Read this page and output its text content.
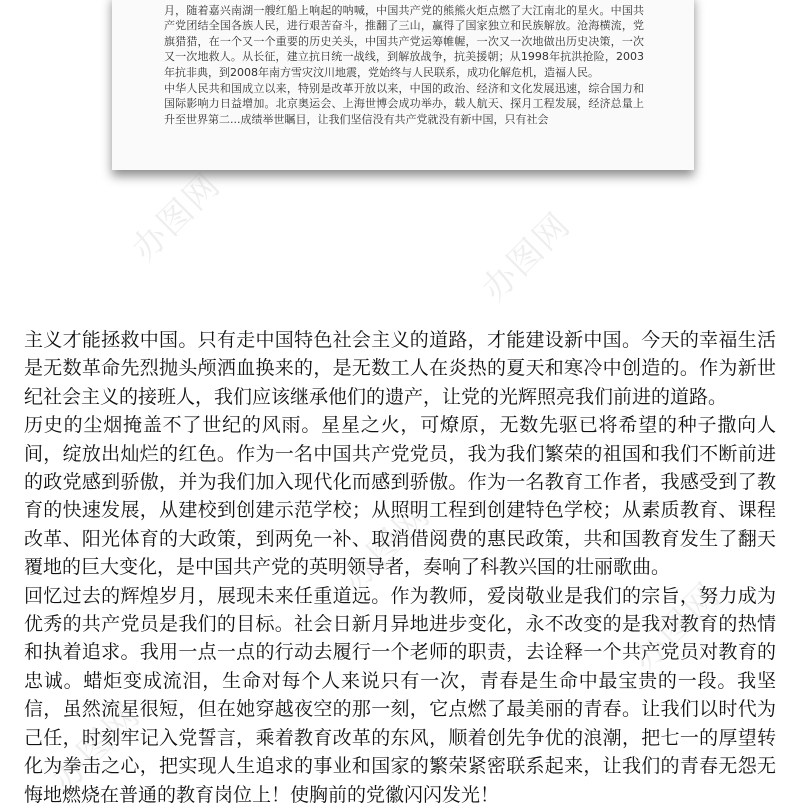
月，随着嘉兴南湖一艘红船上响起的呐喊，中国共产党的熊熊火炬点燃了大江南北的星火。中国共产党团结全国各族人民，进行艰苦奋斗，推翻了三山，赢得了国家独立和民族解放。沧海横流，党旗猎猎，在一个又一个重要的历史关头，中国共产党运筹帷幄，一次又一次地做出历史决策，一次又一次地救人。从长征，建立抗日统一战线，到解放战争，抗美援朝；从1998年抗洪抢险，2003年抗非典，到2008年南方雪灾汶川地震，党始终与人民联系，成功化解危机，造福人民。

中华人民共和国成立以来，特别是改革开放以来，中国的政治、经济和文化发展迅速，综合国力和国际影响力日益增加。北京奥运会、上海世博会成功举办，载人航天、探月工程发展，经济总量上升至世界第二...成绩举世瞩目，让我们坚信没有共产党就没有新中国，只有社会

办图网	办图网
办图网
办图网
办图网

主义才能拯救中国。只有走中国特色社会主义的道路，才能建设新中国。今天的幸福生活是无数革命先烈抛头颅洒血换来的，是无数工人在炎热的夏天和寒冷中创造的。作为新世纪社会主义的接班人，我们应该继承他们的遗产，让党的光辉照亮我们前进的道路。

历史的尘烟掩盖不了世纪的风雨。星星之火，可燎原，无数先驱已将希望的种子撒向人间，绽放出灿烂的红色。作为一名中国共产党党员，我为我们繁荣的祖国和我们不断前进的政党感到骄傲，并为我们加入现代化而感到骄傲。作为一名教育工作者，我感受到了教育的快速发展，从建校到创建示范学校；从照明工程到创建特色学校；从素质教育、课程改革、阳光体育的大政策，到两免一补、取消借阅费的惠民政策，共和国教育发生了翻天覆地的巨大变化，是中国共产党的英明领导者，奏响了科教兴国的壮丽歌曲。

回忆过去的辉煌岁月，展现未来任重道远。作为教师，爱岗敬业是我们的宗旨，努力成为优秀的共产党员是我们的目标。社会日新月异地进步变化，永不改变的是我对教育的热情和执着追求。我用一点一点的行动去履行一个老师的职责，去诠释一个共产党员对教育的忠诚。蜡炬变成流泪，生命对每个人来说只有一次，青春是生命中最宝贵的一段。我坚信，虽然流星很短，但在她穿越夜空的那一刻，它点燃了最美丽的青春。让我们以时代为己任，时刻牢记入党誓言，乘着教育改革的东风，顺着创先争优的浪潮，把七一的厚望转化为拳击之心，把实现人生追求的事业和国家的繁荣紧密联系起来，让我们的青春无怨无悔地燃烧在普通的教育岗位上！使胸前的党徽闪闪发光！
